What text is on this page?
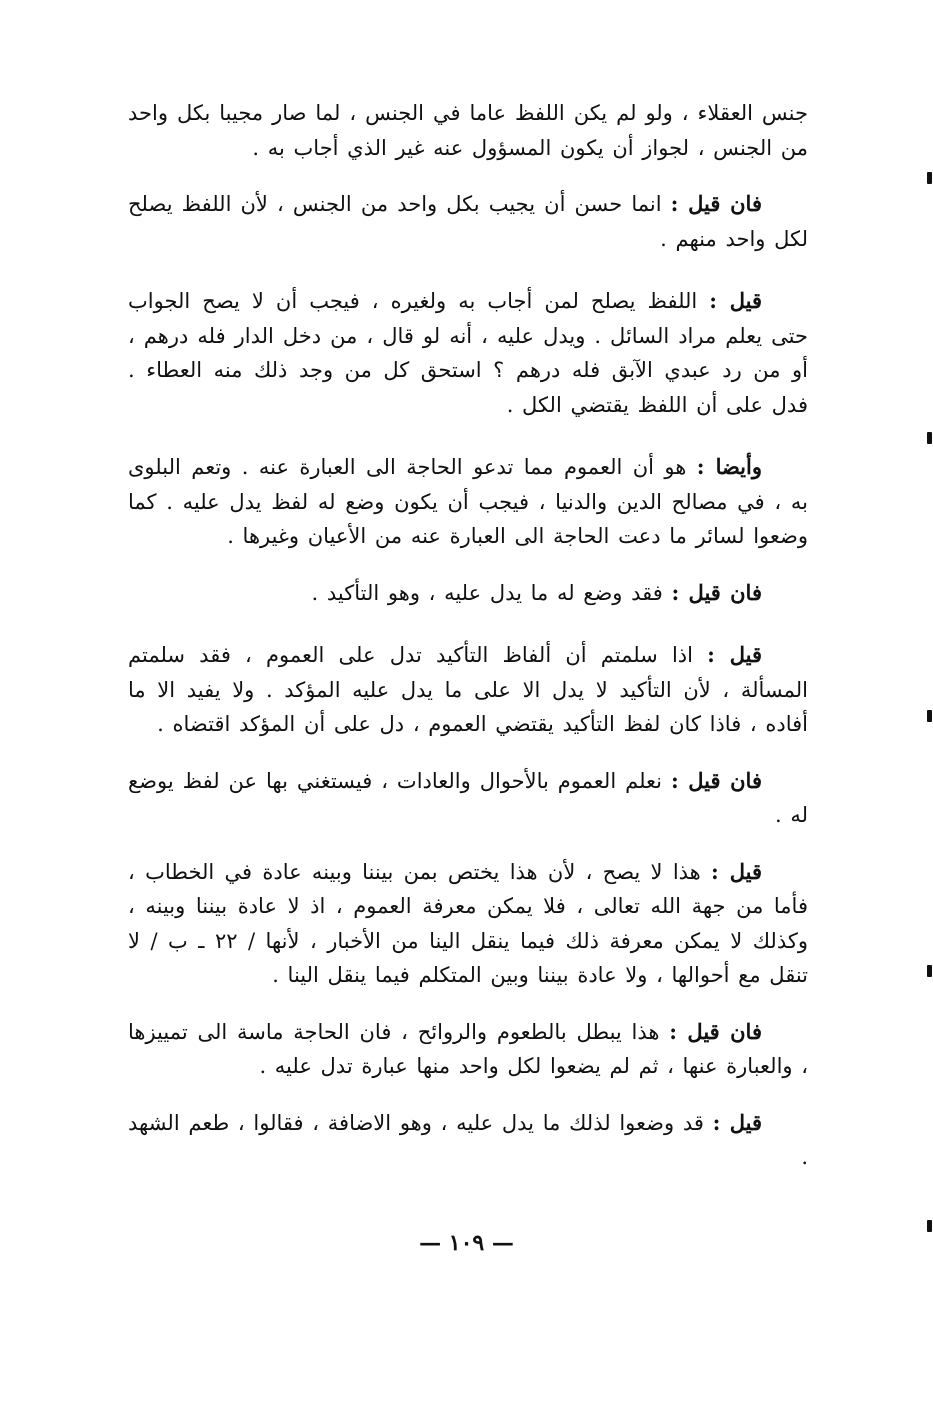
جنس العقلاء ، ولو لم يكن اللفظ عاما في الجنس ، لما صار مجيبا بكل واحد من الجنس ، لجواز أن يكون المسؤول عنه غير الذي أجاب به .

فان قيل : انما حسن أن يجيب بكل واحد من الجنس ، لأن اللفظ يصلح لكل واحد منهم .

قيل : اللفظ يصلح لمن أجاب به ولغيره ، فيجب أن لا يصح الجواب حتى يعلم مراد السائل . ويدل عليه ، أنه لو قال ، من دخل الدار فله درهم ، أو من رد عبدي الآبق فله درهم ؟ استحق كل من وجد ذلك منه العطاء . فدل على أن اللفظ يقتضي الكل .

وأيضا : هو أن العموم مما تدعو الحاجة الى العبارة عنه . وتعم البلوى به ، في مصالح الدين والدنيا ، فيجب أن يكون وضع له لفظ يدل عليه . كما وضعوا لسائر ما دعت الحاجة الى العبارة عنه من الأعيان وغيرها .

فان قيل : فقد وضع له ما يدل عليه ، وهو التأكيد .

قيل : اذا سلمتم أن ألفاظ التأكيد تدل على العموم ، فقد سلمتم المسألة ، لأن التأكيد لا يدل الا على ما يدل عليه المؤكد . ولا يفيد الا ما أفاده ، فاذا كان لفظ التأكيد يقتضي العموم ، دل على أن المؤكد اقتضاه .

فان قيل : نعلم العموم بالأحوال والعادات ، فيستغني بها عن لفظ يوضع له .

قيل : هذا لا يصح ، لأن هذا يختص بمن بيننا وبينه عادة في الخطاب ، فأما من جهة الله تعالى ، فلا يمكن معرفة العموم ، اذ لا عادة بيننا وبينه ، وكذلك لا يمكن معرفة ذلك فيما ينقل الينا من الأخبار ، لأنها / ٢٢ ـ ب / لا تنقل مع أحوالها ، ولا عادة بيننا وبين المتكلم فيما ينقل الينا .

فان قيل : هذا يبطل بالطعوم والروائح ، فان الحاجة ماسة الى تمييزها ، والعبارة عنها ، ثم لم يضعوا لكل واحد منها عبارة تدل عليه .

قيل : قد وضعوا لذلك ما يدل عليه ، وهو الاضافة ، فقالوا ، طعم الشهد .

— ١٠٩ —
